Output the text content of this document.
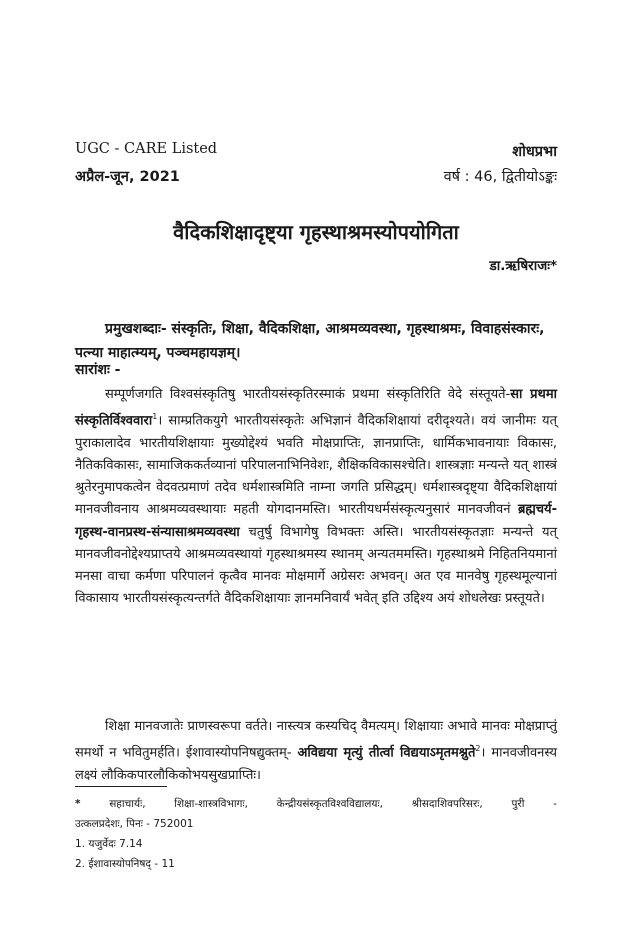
UGC - CARE Listed	शोधप्रभा
अप्रैल-जून, 2021	वर्ष : 46, द्वितीयोऽङ्कः
वैदिकशिक्षादृष्ट्या गृहस्थाश्रमस्योपयोगिता
डा.ऋषिराजः*
प्रमुखशब्दाः- संस्कृतिः, शिक्षा, वैदिकशिक्षा, आश्रमव्यवस्था, गृहस्थाश्रमः, विवाहसंस्कारः, पत्न्या माहात्म्यम्, पञ्चमहायज्ञम्।
सारांशः -

सम्पूर्णजगति विश्वसंस्कृतिषु भारतीयसंस्कृतिरस्माकं प्रथमा संस्कृतिरिति वेदे संस्तूयते-सा प्रथमा संस्कृतिर्विश्ववारा$^1$। साम्प्रतिकयुगे भारतीयसंस्कृतेः अभिज्ञानं वैदिकशिक्षायां दरीदृश्यते। वयं जानीमः यत् पुराकालादेव भारतीयशिक्षायाः मुख्योद्देश्यं भवति मोक्षप्राप्तिः, ज्ञानप्राप्तिः, धार्मिकभावनायाः विकासः, नैतिकविकासः, सामाजिककर्तव्यानां परिपालनाभिनिवेशः, शैक्षिकविकासश्चेति। शास्त्रज्ञाः मन्यन्ते यत् शास्त्रं श्रुतेरनुमापकत्वेन वेदवत्प्रमाणं तदेव धर्मशास्त्रमिति नाम्ना जगति प्रसिद्धम्। धर्मशास्त्रदृष्ट्या वैदिकशिक्षायां मानवजीवनाय आश्रमव्यवस्थायाः महती योगदानमस्ति। भारतीयधर्मसंस्कृत्यनुसारं मानवजीवनं ब्रह्मचर्य-गृहस्थ-वानप्रस्थ-संन्यासाश्रमव्यवस्था चतुर्षु विभागेषु विभक्तः अस्ति। भारतीयसंस्कृतज्ञाः मन्यन्ते यत् मानवजीवनोद्देश्यप्राप्तये आश्रमव्यवस्थायां गृहस्थाश्रमस्य स्थानम् अन्यतममस्ति। गृहस्थाश्रमे निहितनियमानां मनसा वाचा कर्मणा परिपालनं कृत्वैव मानवः मोक्षमार्गे अग्रेसरः अभवन्। अत एव मानवेषु गृहस्थमूल्यानां विकासाय भारतीयसंस्कृत्यन्तर्गते वैदिकशिक्षायाः ज्ञानमनिवार्यं भवेत् इति उद्दिश्य अयं शोधलेखः प्रस्तूयते।

शिक्षा मानवजातेः प्राणस्वरूपा वर्तते। नास्त्यत्र कस्यचिद् वैमत्यम्। शिक्षायाः अभावे मानवः मोक्षप्राप्तुं समर्थो न भवितुमर्हति। ईशावास्योपनिषद्युक्तम्- अविद्यया मृत्युं तीर्त्वा विद्ययाऽमृतमश्नुते$^2$। मानवजीवनस्य लक्ष्यं लौकिकपारलौकिकोभयसुखप्राप्तिः।

*	सहाचार्यः,	शिक्षा-शास्त्रविभागः,	केन्द्रीयसंस्कृतविश्वविद्यालयः,	श्रीसदाशिवपरिसरः,	पुरी	-
उत्कलप्रदेशः, पिनः - 752001
1. यजुर्वेदः 7.14
2. ईशावास्योपनिषद् - 11
